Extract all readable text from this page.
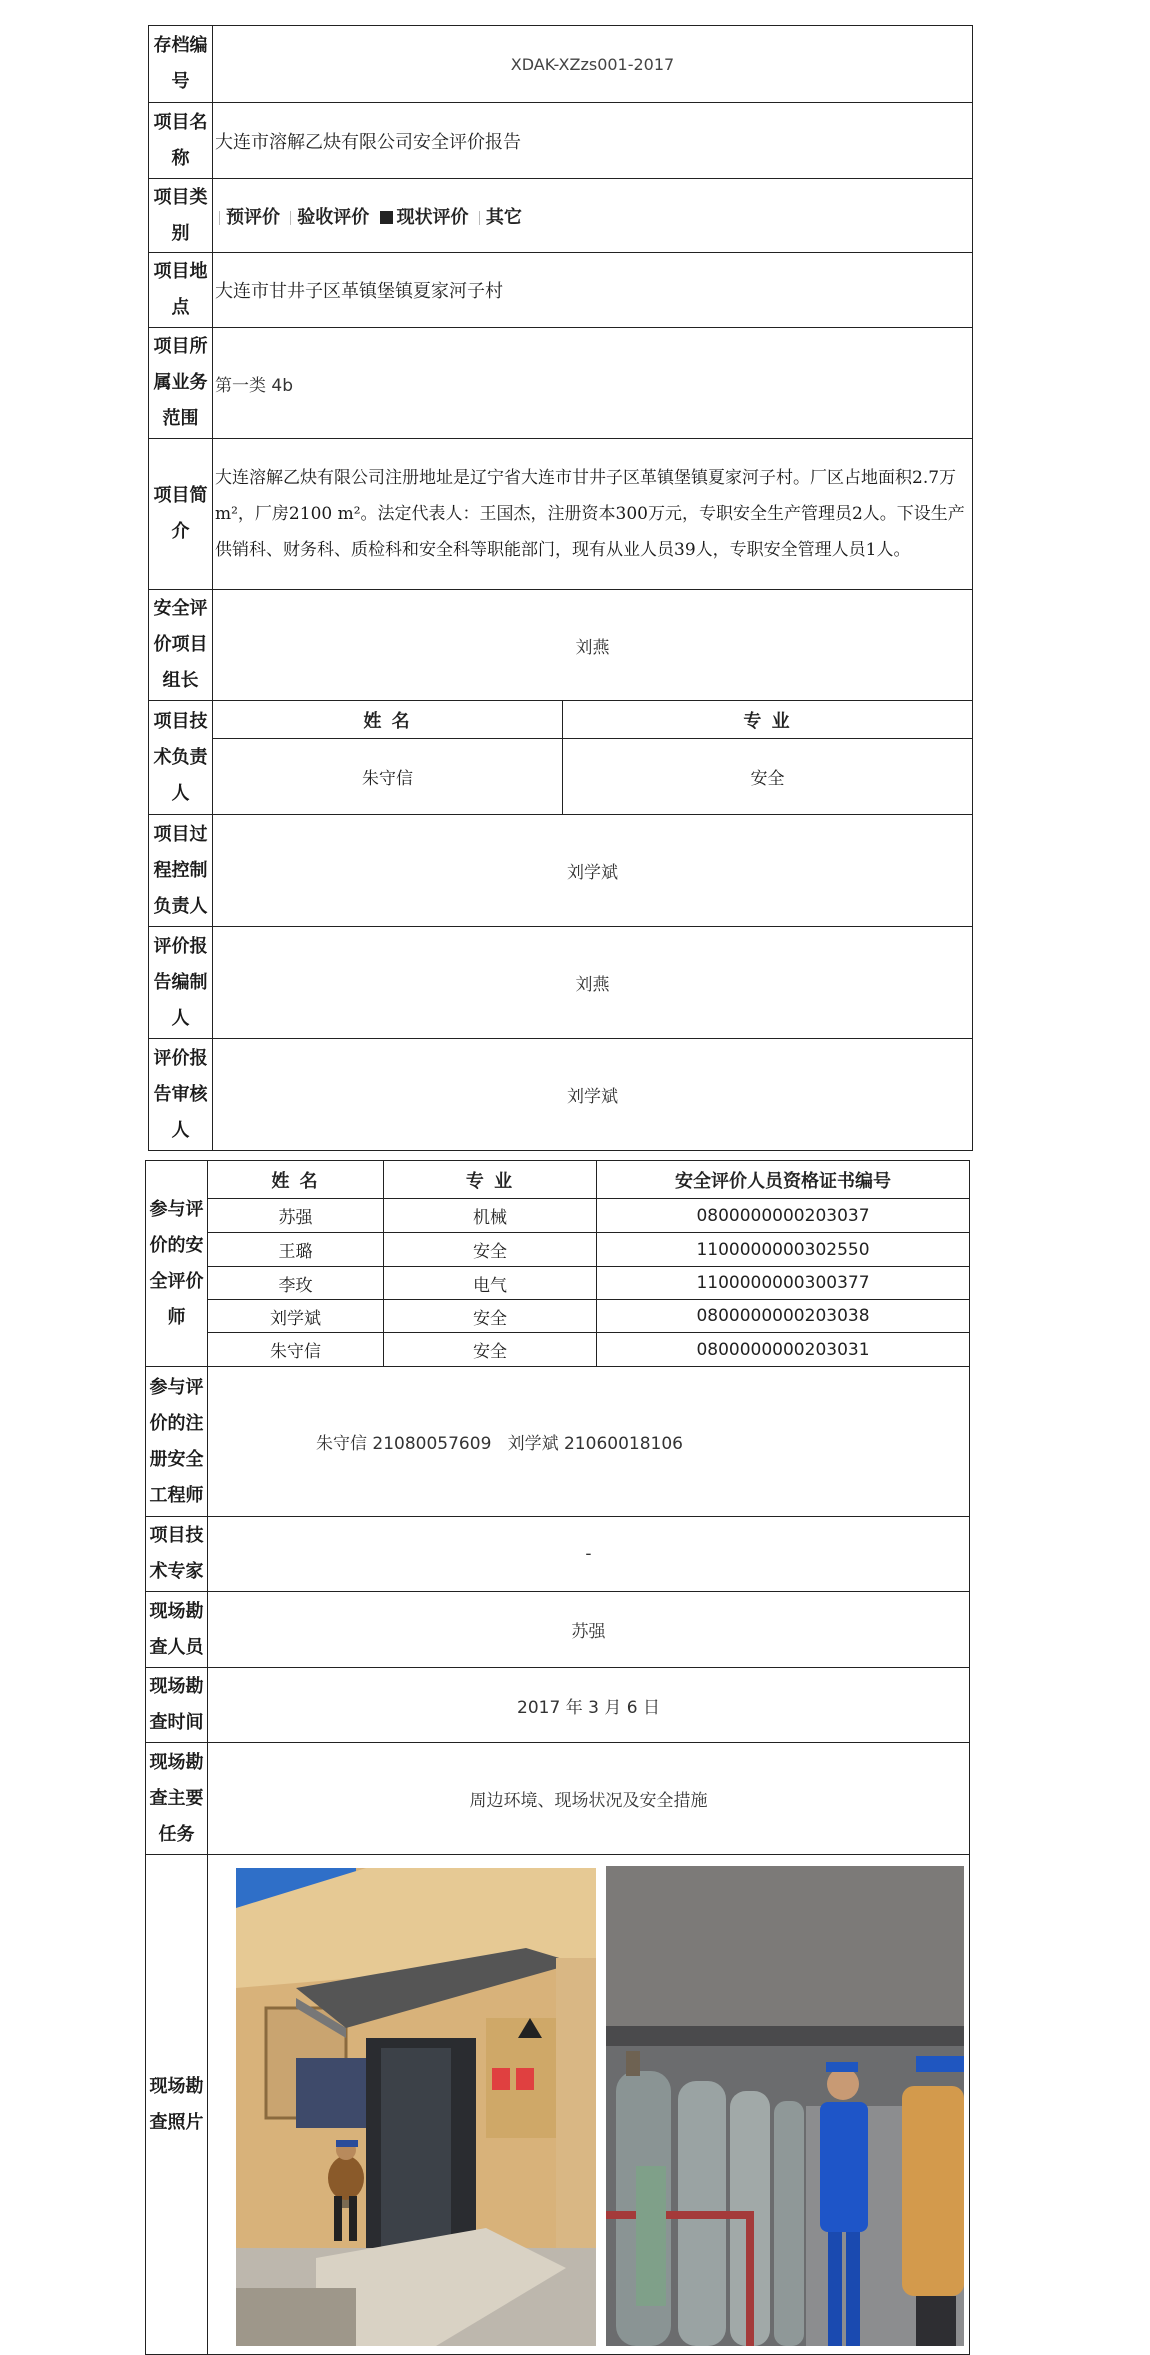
存档编号	XDAK-XZzs001-2017	
项目名称	大连市溶解乙炔有限公司安全评价报告	
项目类别	预评价 验收评价 现状评价 其它	
项目地点	大连市甘井子区革镇堡镇夏家河子村	
项目所属业务范围	第一类 4b	
项目简介	大连溶解乙炔有限公司注册地址是辽宁省大连市甘井子区革镇堡镇夏家河子村。厂区占地面积2.7万m²，厂房2100 m²。法定代表人：王国杰，注册资本300万元，专职安全生产管理员2人。下设生产供销科、财务科、质检科和安全科等职能部门，现有从业人员39人，专职安全管理人员1人。	
安全评价项目组长	刘燕	
项目技术负责人	姓 名	专 业
	朱守信	安全
项目过程控制负责人	刘学斌	
评价报告编制人	刘燕	
评价报告审核人	刘学斌	
参与评价的安全评价师	姓 名	专 业	安全评价人员资格证书编号
	苏强	机械	0800000000203037
	王璐	安全	1100000000302550
	李玫	电气	1100000000300377
	刘学斌	安全	0800000000203038
	朱守信	安全	0800000000203031
参与评价的注册安全工程师	朱守信 21080057609   刘学斌 21060018106		
项目技术专家	-		
现场勘查人员	苏强		
现场勘查时间	2017 年 3 月 6 日		
现场勘查主要任务	周边环境、现场状况及安全措施		
现场勘查照片			
